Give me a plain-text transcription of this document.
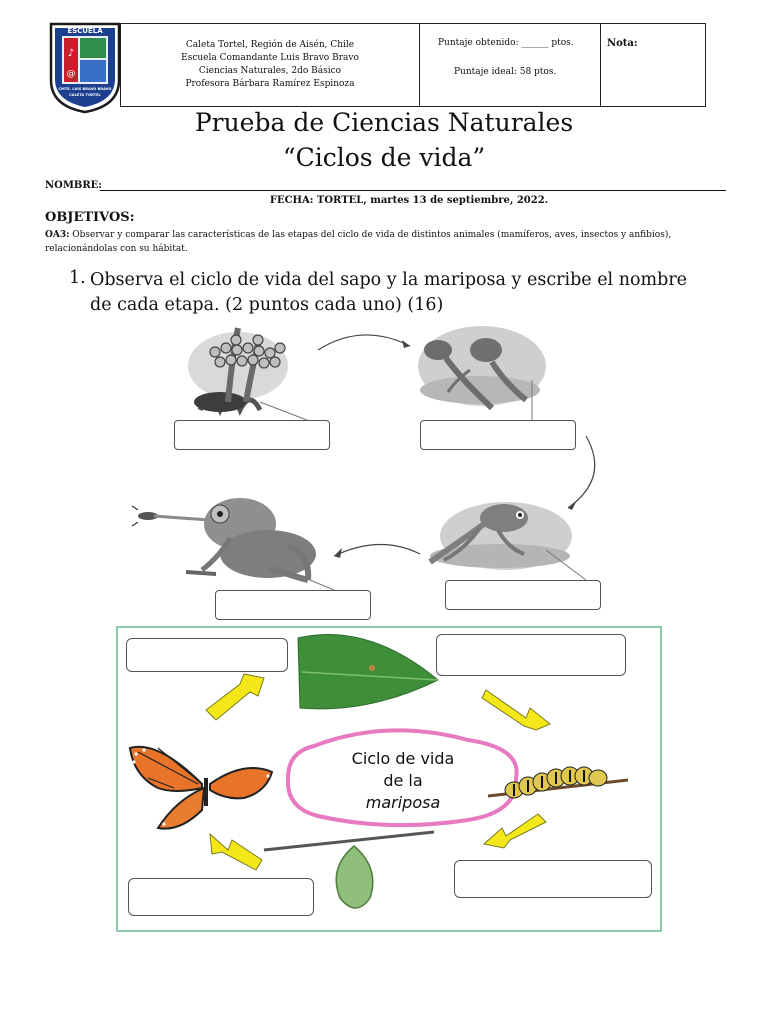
♪
@
ESCUELA
CMTE. LUIS BRAVO BRAVO
CALETA TORTEL
Caleta Tortel, Región de Aisén, Chile
Escuela Comandante Luis Bravo Bravo
Ciencias Naturales, 2do Básico
Profesora Bárbara Ramírez Espinoza
Puntaje obtenido: ______ ptos.
Puntaje ideal: 58 ptos.
Nota:
Prueba de Ciencias Naturales
“Ciclos de vida”
NOMBRE:
FECHA: TORTEL, martes 13 de septiembre, 2022.
OBJETIVOS:
OA3: Observar y comparar las características de las etapas del ciclo de vida de distintos animales (mamíferos, aves, insectos y anfibios), relacionándolas con su hábitat.
1. Observa el ciclo de vida del sapo y la mariposa y escribe el nombre de cada etapa. (2 puntos cada uno) (16)
Ciclo de vida
de la
mariposa
